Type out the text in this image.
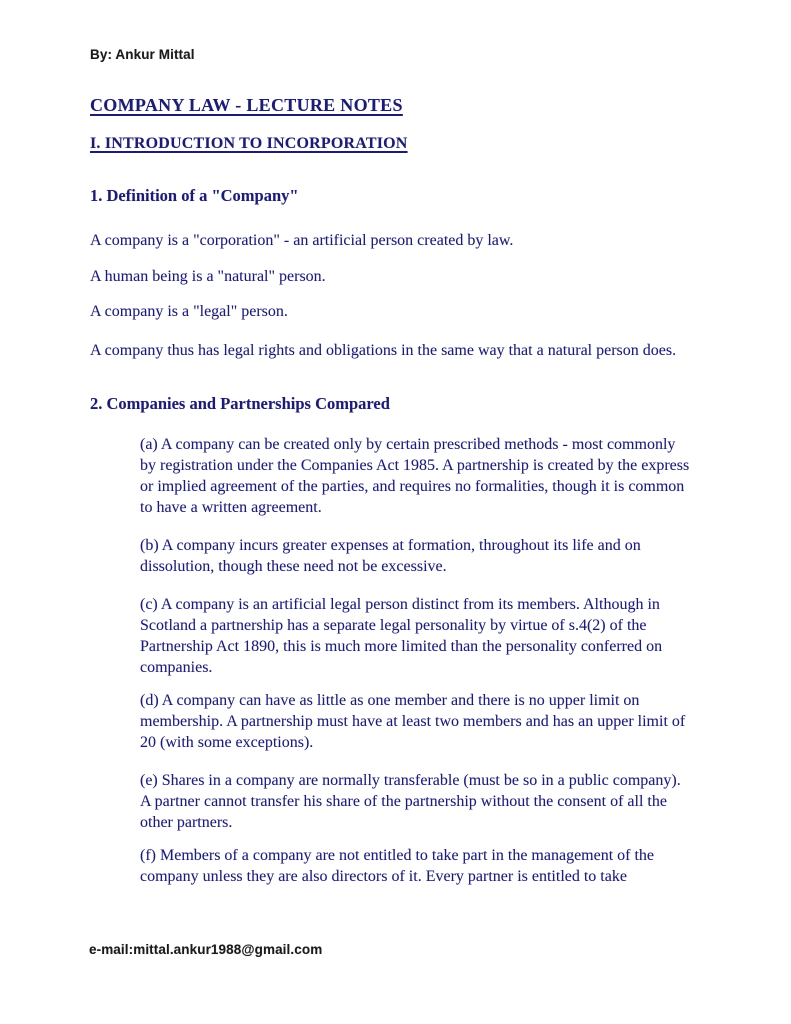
By: Ankur Mittal
COMPANY LAW - LECTURE NOTES
I. INTRODUCTION TO INCORPORATION
1. Definition of a "Company"

A company is a "corporation" - an artificial person created by law.

A human being is a "natural" person.

A company is a "legal" person.

A company thus has legal rights and obligations in the same way that a natural person does.

2. Companies and Partnerships Compared

(a) A company can be created only by certain prescribed methods - most commonly by registration under the Companies Act 1985. A partnership is created by the express or implied agreement of the parties, and requires no formalities, though it is common to have a written agreement.

(b) A company incurs greater expenses at formation, throughout its life and on dissolution, though these need not be excessive.

(c) A company is an artificial legal person distinct from its members. Although in Scotland a partnership has a separate legal personality by virtue of s.4(2) of the Partnership Act 1890, this is much more limited than the personality conferred on companies.

(d) A company can have as little as one member and there is no upper limit on membership. A partnership must have at least two members and has an upper limit of 20 (with some exceptions).

(e) Shares in a company are normally transferable (must be so in a public company). A partner cannot transfer his share of the partnership without the consent of all the other partners.

(f) Members of a company are not entitled to take part in the management of the company unless they are also directors of it. Every partner is entitled to take

e-mail:mittal.ankur1988@gmail.com
